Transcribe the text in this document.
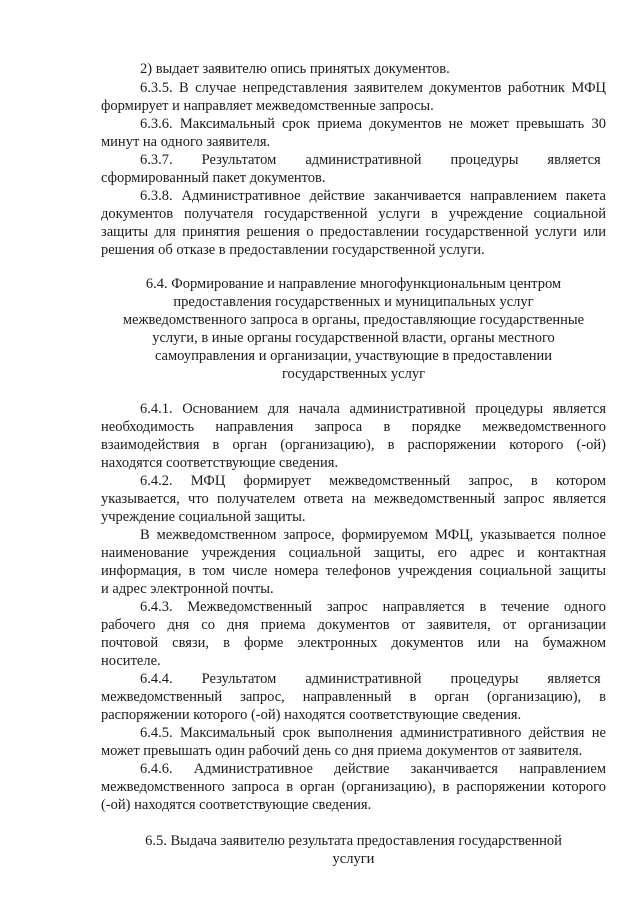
2) выдает заявителю опись принятых документов.
6.3.5. В случае непредставления заявителем документов работник МФЦ
формирует и направляет межведомственные запросы.
6.3.6. Максимальный срок приема документов не может превышать 30
минут на одного заявителя.
6.3.7.        Результатом        административной        процедуры        является
сформированный пакет документов.
6.3.8. Административное действие заканчивается направлением пакета
документов получателя государственной услуги в учреждение социальной
защиты для принятия решения о предоставлении государственной услуги или
решения об отказе в предоставлении государственной услуги.
6.4. Формирование и направление многофункциональным центром
предоставления государственных и муниципальных услуг
межведомственного запроса в органы, предоставляющие государственные
услуги, в иные органы государственной власти, органы местного
самоуправления и организации, участвующие в предоставлении
государственных услуг
6.4.1. Основанием для начала административной процедуры является
необходимость направления запроса в порядке межведомственного
взаимодействия в орган (организацию), в распоряжении которого (-ой)
находятся соответствующие сведения.
6.4.2. МФЦ формирует межведомственный запрос, в котором
указывается, что получателем ответа на межведомственный запрос является
учреждение социальной защиты.
В межведомственном запросе, формируемом МФЦ, указывается полное
наименование учреждения социальной защиты, его адрес и контактная
информация, в том числе номера телефонов учреждения социальной защиты
и адрес электронной почты.
6.4.3. Межведомственный запрос направляется в течение одного
рабочего дня со дня приема документов от заявителя, от организации
почтовой связи, в форме электронных документов или на бумажном
носителе.
6.4.4.        Результатом        административной        процедуры        является
межведомственный запрос, направленный в орган (организацию), в
распоряжении которого (-ой) находятся соответствующие сведения.
6.4.5. Максимальный срок выполнения административного действия не
может превышать один рабочий день со дня приема документов от заявителя.
6.4.6. Административное действие заканчивается направлением
межведомственного запроса в орган (организацию), в распоряжении которого
(-ой) находятся соответствующие сведения.
6.5. Выдача заявителю результата предоставления государственной
услуги
